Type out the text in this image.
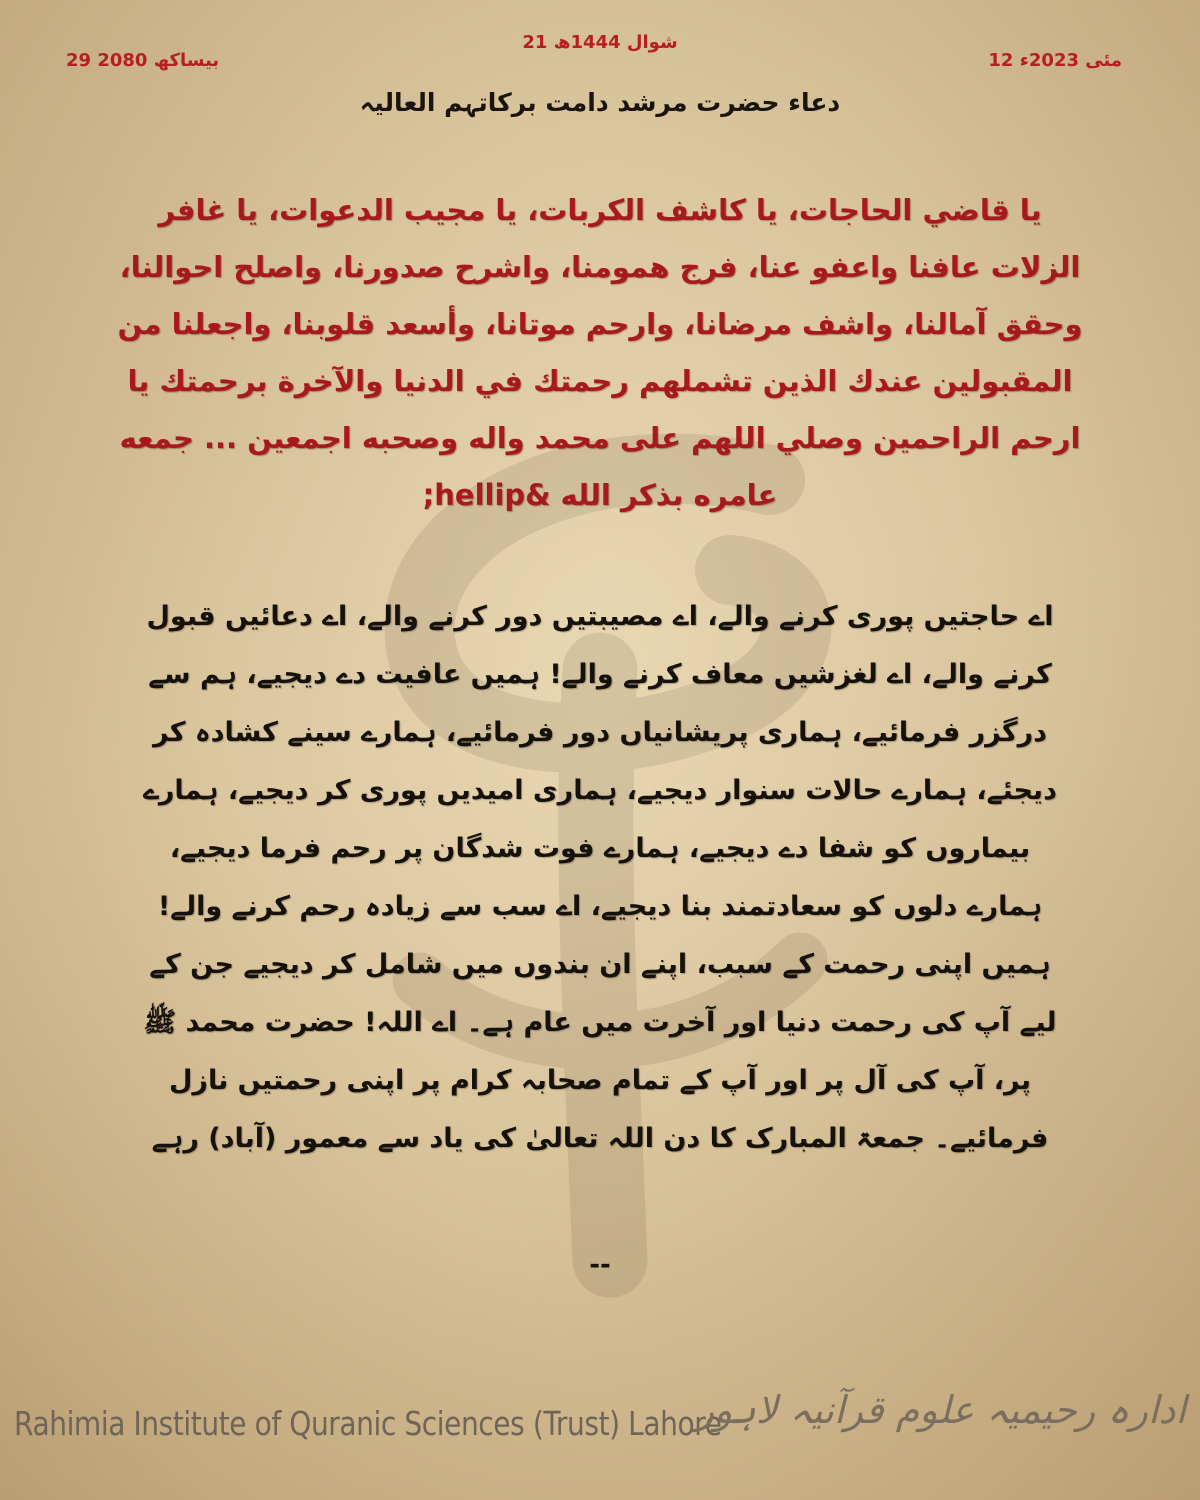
21 شوال 1444ھ
12 مئی 2023ء
29 بیساکھ 2080
دعاء حضرت مرشد دامت برکاتہم العالیہ
يا قاضي الحاجات، يا كاشف الكربات، يا مجيب الدعوات، يا غافر الزلات عافنا واعفو عنا، فرج همومنا، واشرح صدورنا، واصلح احوالنا، وحقق آمالنا، واشف مرضانا، وارحم موتانا، وأسعد قلوبنا، واجعلنا من المقبولين عندك الذين تشملهم رحمتك في الدنيا والآخرة برحمتك يا ارحم الراحمين وصلي اللهم على محمد واله وصحبه اجمعين ... جمعه عامره بذكر الله &hellip;
اے حاجتیں پوری کرنے والے، اے مصیبتیں دور کرنے والے، اے دعائیں قبول کرنے والے، اے لغزشیں معاف کرنے والے! ہمیں عافیت دے دیجیے، ہم سے درگزر فرمائیے، ہماری پریشانیاں دور فرمائیے، ہمارے سینے کشادہ کر دیجئے، ہمارے حالات سنوار دیجیے، ہماری امیدیں پوری کر دیجیے، ہمارے بیماروں کو شفا دے دیجیے، ہمارے فوت شدگان پر رحم فرما دیجیے، ہمارے دلوں کو سعادتمند بنا دیجیے، اے سب سے زیادہ رحم کرنے والے! ہمیں اپنی رحمت کے سبب، اپنے ان بندوں میں شامل کر دیجیے جن کے لیے آپ کی رحمت دنیا اور آخرت میں عام ہے۔ اے اللہ! حضرت محمد ﷺ پر، آپ کی آل پر اور آپ کے تمام صحابہ کرام پر اپنی رحمتیں نازل فرمائیے۔ جمعۃ المبارک کا دن اللہ تعالیٰ کی یاد سے معمور (آباد) رہے
--
Rahimia Institute of Quranic Sciences (Trust) Lahore
ادارہ رحیمیہ علوم قرآنیہ لاہور
